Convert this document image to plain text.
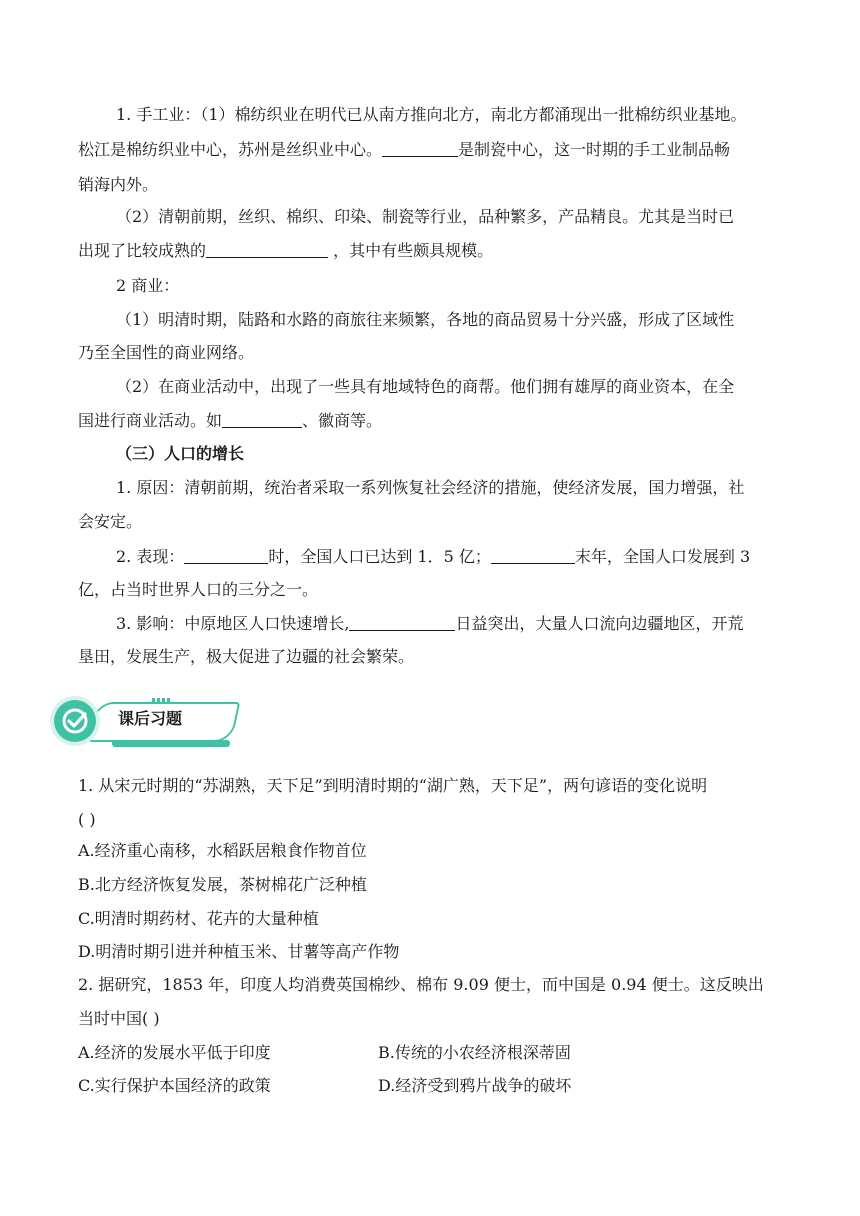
1. 手工业：（1）棉纺织业在明代已从南方推向北方，南北方都涌现出一批棉纺织业基地。
松江是棉纺织业中心，苏州是丝织业中心。	是制瓷中心，这一时期的手工业制品畅
销海内外。
（2）清朝前期，丝织、棉织、印染、制瓷等行业，品种繁多，产品精良。尤其是当时已
出现了比较成熟的	，其中有些颇具规模。
2 商业：
（1）明清时期，陆路和水路的商旅往来频繁，各地的商品贸易十分兴盛，形成了区域性
乃至全国性的商业网络。
（2）在商业活动中，出现了一些具有地域特色的商帮。他们拥有雄厚的商业资本，在全
国进行商业活动。如	、徽商等。
（三）人口的增长
1. 原因：清朝前期，统治者采取一系列恢复社会经济的措施，使经济发展，国力增强，社
会安定。
2. 表现：	时，全国人口已达到 1．5 亿；	末年，全国人口发展到 3
亿，占当时世界人口的三分之一。
3. 影响：中原地区人口快速增长,	日益突出，大量人口流向边疆地区，开荒
垦田，发展生产，极大促进了边疆的社会繁荣。
课后习题
1. 从宋元时期的“苏湖熟，天下足”到明清时期的“湖广熟，天下足”，两句谚语的变化说明
( )
A.经济重心南移，水稻跃居粮食作物首位
B.北方经济恢复发展，茶树棉花广泛种植
C.明清时期药材、花卉的大量种植
D.明清时期引进并种植玉米、甘薯等高产作物
2. 据研究，1853 年，印度人均消费英国棉纱、棉布 9.09 便士，而中国是 0.94 便士。这反映出
当时中国( )
A.经济的发展水平低于印度	B.传统的小农经济根深蒂固
C.实行保护本国经济的政策	D.经济受到鸦片战争的破坏
